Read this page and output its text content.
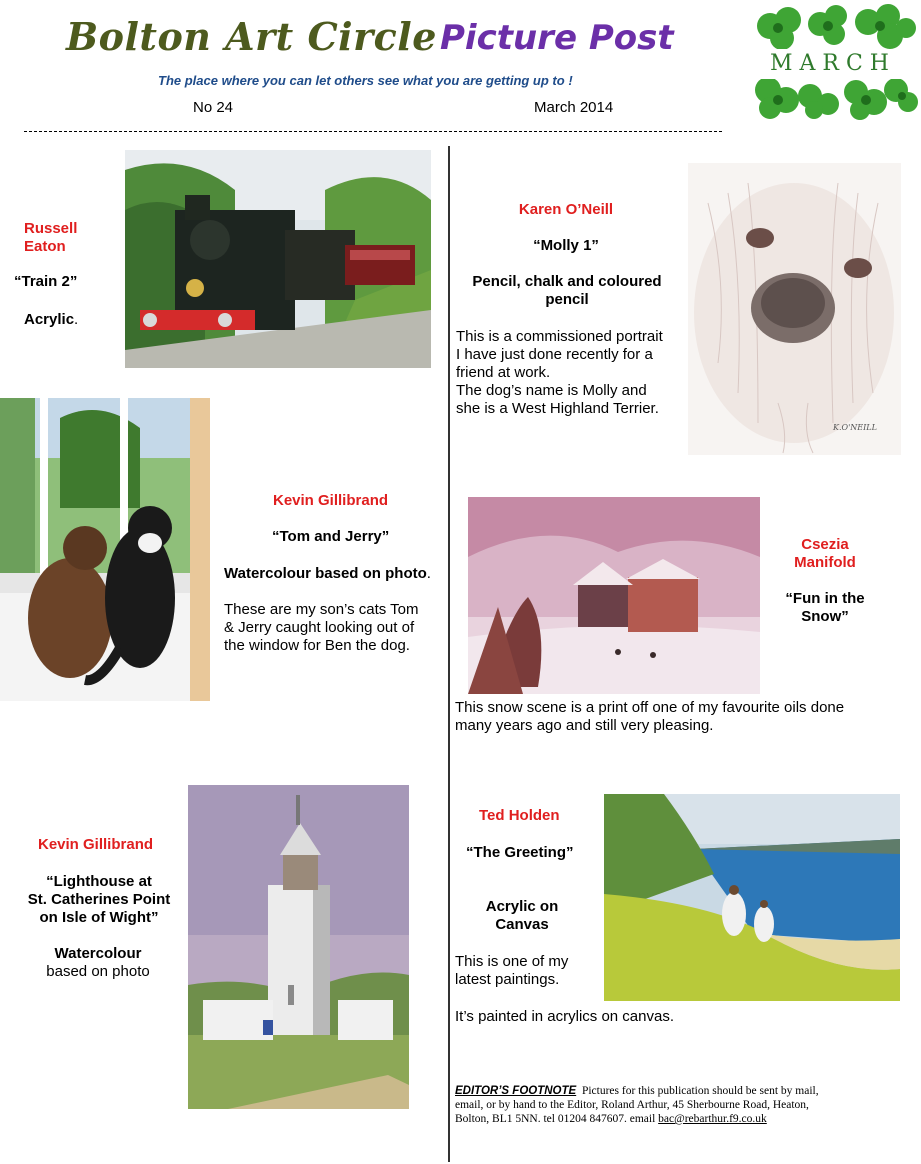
Bolton Art Circle Picture Post
The place where you can let others see what you are getting up to !
No 24	March 2014
MARCH
Russell
Eaton
“Train 2”
Acrylic.
Karen O’Neill
“Molly 1”
Pencil, chalk and coloured
pencil
This is a commissioned portrait
I have just done recently for a
friend at work.
The dog’s name is Molly and
she is a West Highland Terrier.
K.O'NEILL
Kevin Gillibrand
“Tom and Jerry”
Watercolour based on photo.
These are my son’s cats Tom
& Jerry caught looking out of
the window for Ben the dog.
Csezia
Manifold
“Fun in the
Snow”
This snow scene is a print off one of my favourite oils done
many years ago and still very pleasing.
Kevin Gillibrand
“Lighthouse at
St. Catherines Point
on Isle of Wight”
Watercolour
based on photo
Ted Holden
“The Greeting”
Acrylic on
Canvas
This is one of my
latest paintings.
It’s painted in acrylics on canvas.
EDITOR’S FOOTNOTE Pictures for this publication should be sent by mail,
email, or by hand to the Editor, Roland Arthur, 45 Sherbourne Road, Heaton,
Bolton, BL1 5NN. tel 01204 847607. email bac@rebarthur.f9.co.uk
